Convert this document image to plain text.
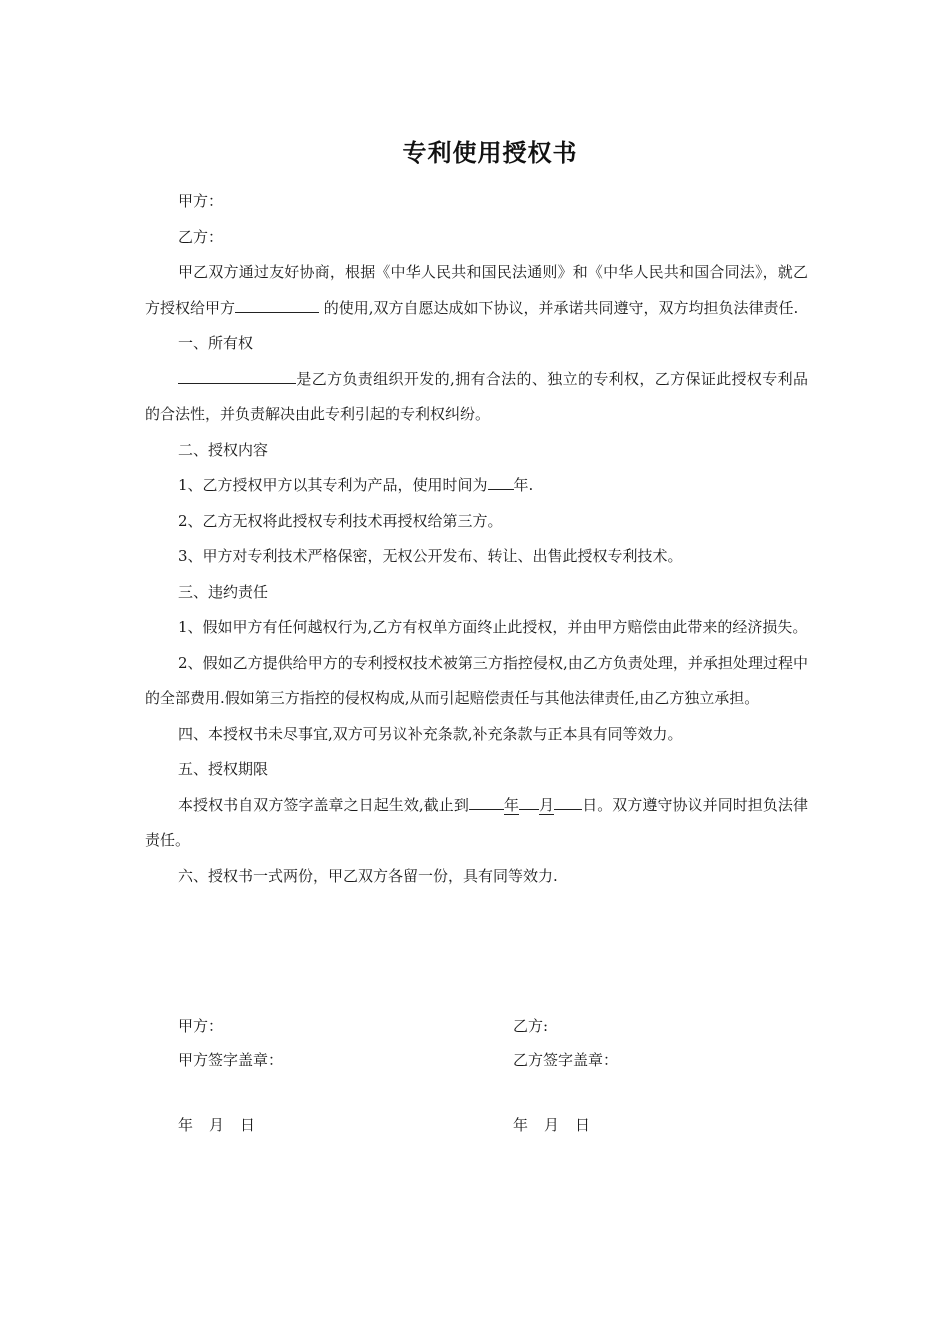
专利使用授权书

甲方：

乙方：

甲乙双方通过友好协商，根据《中华人民共和国民法通则》和《中华人民共和国合同法》，就乙方授权给甲方	的使用,双方自愿达成如下协议，并承诺共同遵守，双方均担负法律责任.

一、所有权

是乙方负责组织开发的,拥有合法的、独立的专利权，乙方保证此授权专利品的合法性，并负责解决由此专利引起的专利权纠纷。

二、授权内容

1、乙方授权甲方以其专利为产品，使用时间为 年.

2、乙方无权将此授权专利技术再授权给第三方。

3、甲方对专利技术严格保密，无权公开发布、转让、出售此授权专利技术。

三、违约责任

1、假如甲方有任何越权行为,乙方有权单方面终止此授权，并由甲方赔偿由此带来的经济损失。

2、假如乙方提供给甲方的专利授权技术被第三方指控侵权,由乙方负责处理，并承担处理过程中的全部费用.假如第三方指控的侵权构成,从而引起赔偿责任与其他法律责任,由乙方独立承担。

四、本授权书未尽事宜,双方可另议补充条款,补充条款与正本具有同等效力。

五、授权期限

本授权书自双方签字盖章之日起生效,截止到 年 月 日。双方遵守协议并同时担负法律责任。

六、授权书一式两份，甲乙双方各留一份，具有同等效力.

甲方：
甲方签字盖章：
年 月 日
乙方:
乙方签字盖章：
年 月 日
